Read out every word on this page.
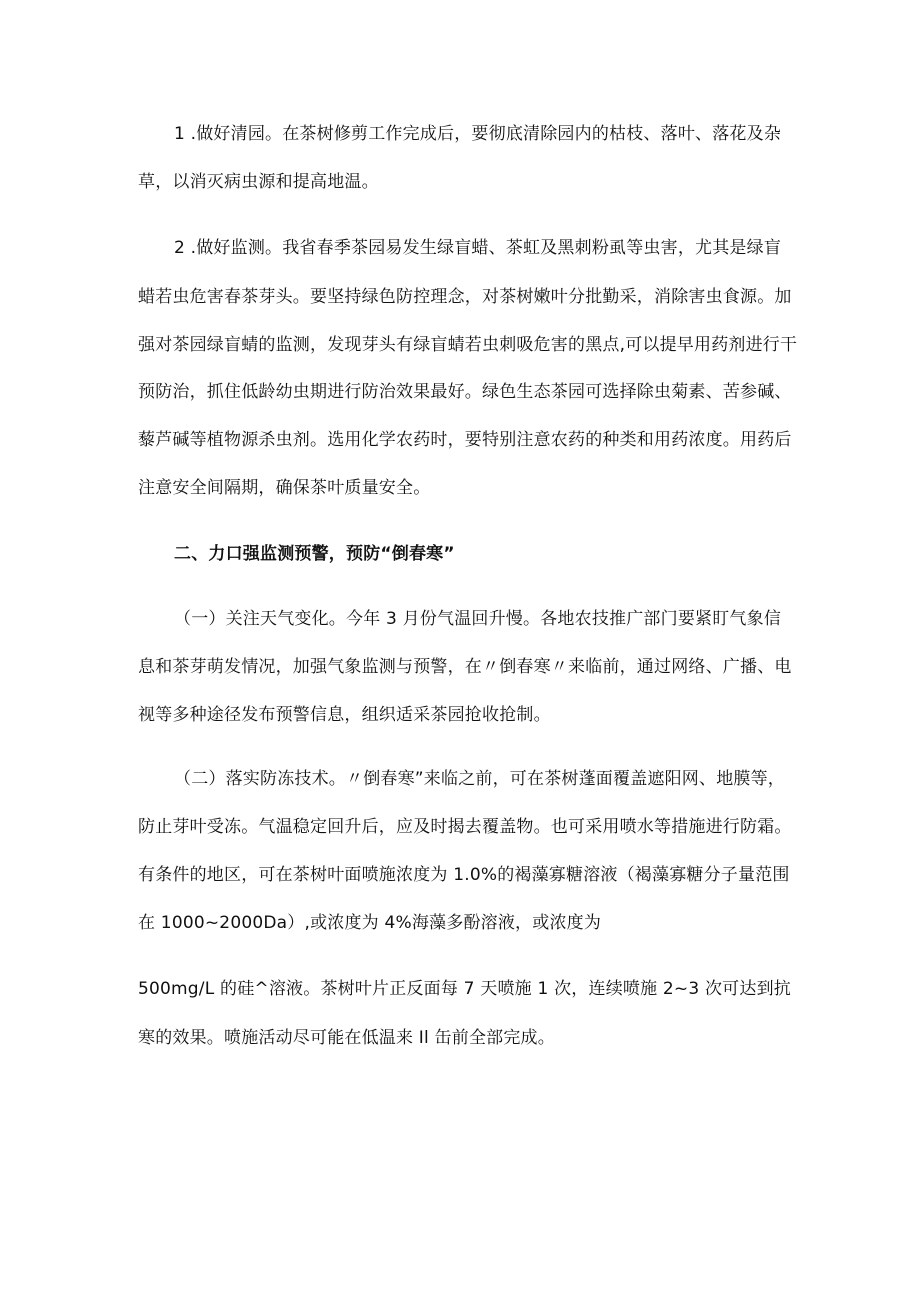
1 .做好清园。在茶树修剪工作完成后，要彻底清除园内的枯枝、落叶、落花及杂
草，以消灭病虫源和提高地温。
2 .做好监测。我省春季茶园易发生绿盲蜡、茶虹及黑刺粉虱等虫害，尤其是绿盲
蜡若虫危害春茶芽头。要坚持绿色防控理念，对茶树嫩叶分批勤采，消除害虫食源。加
强对茶园绿盲蜻的监测，发现芽头有绿盲蜻若虫刺吸危害的黑点,可以提早用药剂进行干
预防治，抓住低龄幼虫期进行防治效果最好。绿色生态茶园可选择除虫菊素、苦参碱、
藜芦碱等植物源杀虫剂。选用化学农药时，要特别注意农药的种类和用药浓度。用药后
注意安全间隔期，确保茶叶质量安全。
二、力口强监测预警，预防“倒春寒”
（一）关注天气变化。今年 3 月份气温回升慢。各地农技推广部门要紧盯气象信
息和茶芽萌发情况，加强气象监测与预警，在〃倒春寒〃来临前，通过网络、广播、电
视等多种途径发布预警信息，组织适采茶园抢收抢制。
（二）落实防冻技术。〃倒春寒”来临之前，可在茶树蓬面覆盖遮阳网、地膜等，
防止芽叶受冻。气温稳定回升后，应及时揭去覆盖物。也可采用喷水等措施进行防霜。
有条件的地区，可在茶树叶面喷施浓度为 1.0%的褐藻寡糖溶液（褐藻寡糖分子量范围
在 1000~2000Da）,或浓度为 4%海藻多酚溶液，或浓度为
500mg/L 的硅^溶液。茶树叶片正反面每 7 天喷施 1 次，连续喷施 2~3 次可达到抗
寒的效果。喷施活动尽可能在低温来 Il 缶前全部完成。
